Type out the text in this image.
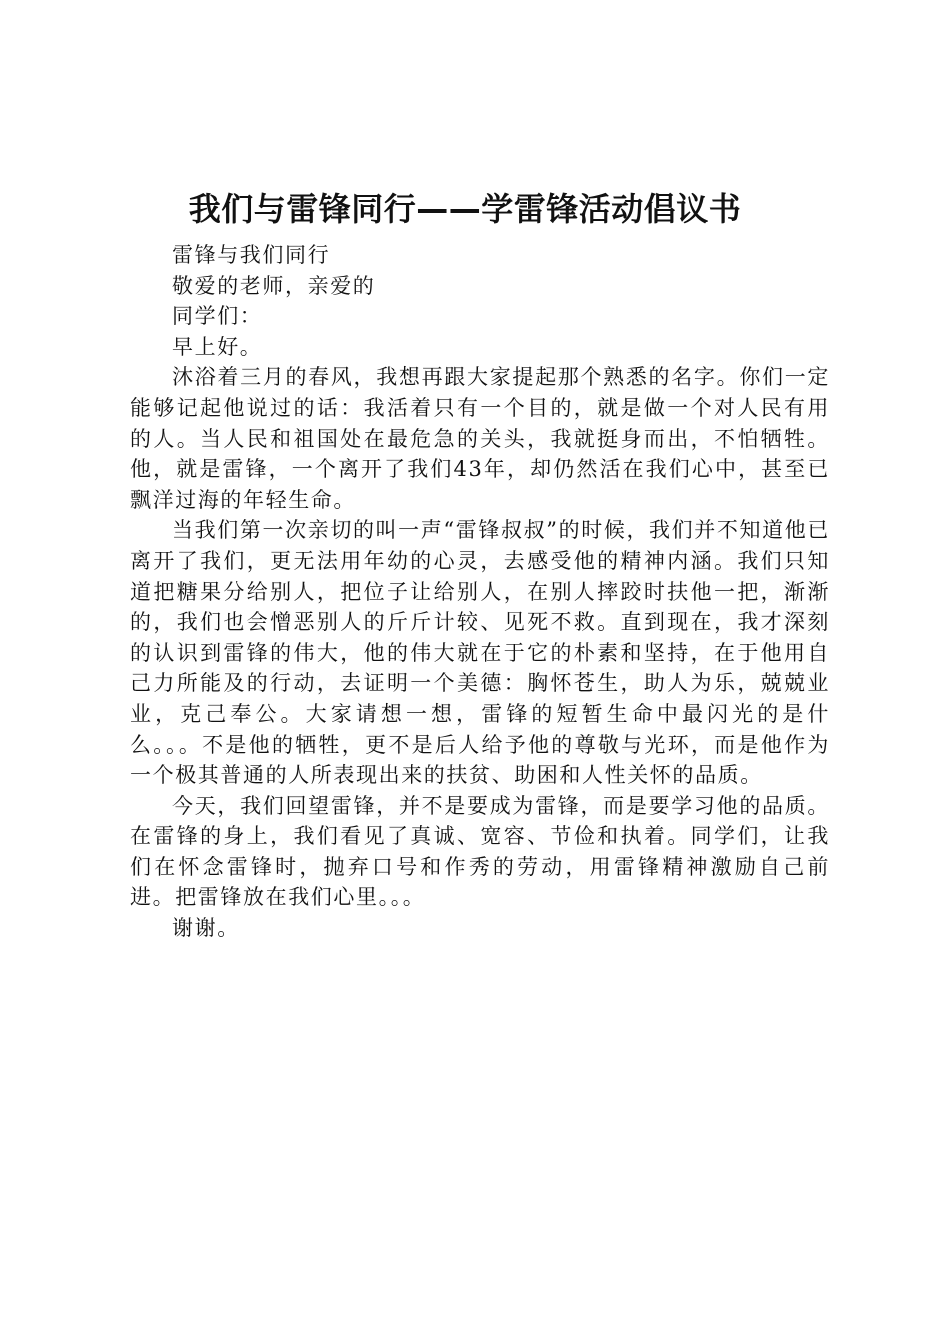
我们与雷锋同行——学雷锋活动倡议书

雷锋与我们同行

敬爱的老师，亲爱的

同学们：

早上好。

沐浴着三月的春风，我想再跟大家提起那个熟悉的名字。你们一定能够记起他说过的话：我活着只有一个目的，就是做一个对人民有用的人。当人民和祖国处在最危急的关头，我就挺身而出，不怕牺牲。他，就是雷锋，一个离开了我们43年，却仍然活在我们心中，甚至已飘洋过海的年轻生命。

当我们第一次亲切的叫一声“雷锋叔叔”的时候，我们并不知道他已离开了我们，更无法用年幼的心灵，去感受他的精神内涵。我们只知道把糖果分给别人，把位子让给别人，在别人摔跤时扶他一把，渐渐的，我们也会憎恶别人的斤斤计较、见死不救。直到现在，我才深刻的认识到雷锋的伟大，他的伟大就在于它的朴素和坚持，在于他用自己力所能及的行动，去证明一个美德：胸怀苍生，助人为乐，兢兢业业，克己奉公。大家请想一想，雷锋的短暂生命中最闪光的是什么。。。不是他的牺牲，更不是后人给予他的尊敬与光环，而是他作为一个极其普通的人所表现出来的扶贫、助困和人性关怀的品质。

今天，我们回望雷锋，并不是要成为雷锋，而是要学习他的品质。在雷锋的身上，我们看见了真诚、宽容、节俭和执着。同学们，让我们在怀念雷锋时，抛弃口号和作秀的劳动，用雷锋精神激励自己前进。把雷锋放在我们心里。。。

谢谢。
